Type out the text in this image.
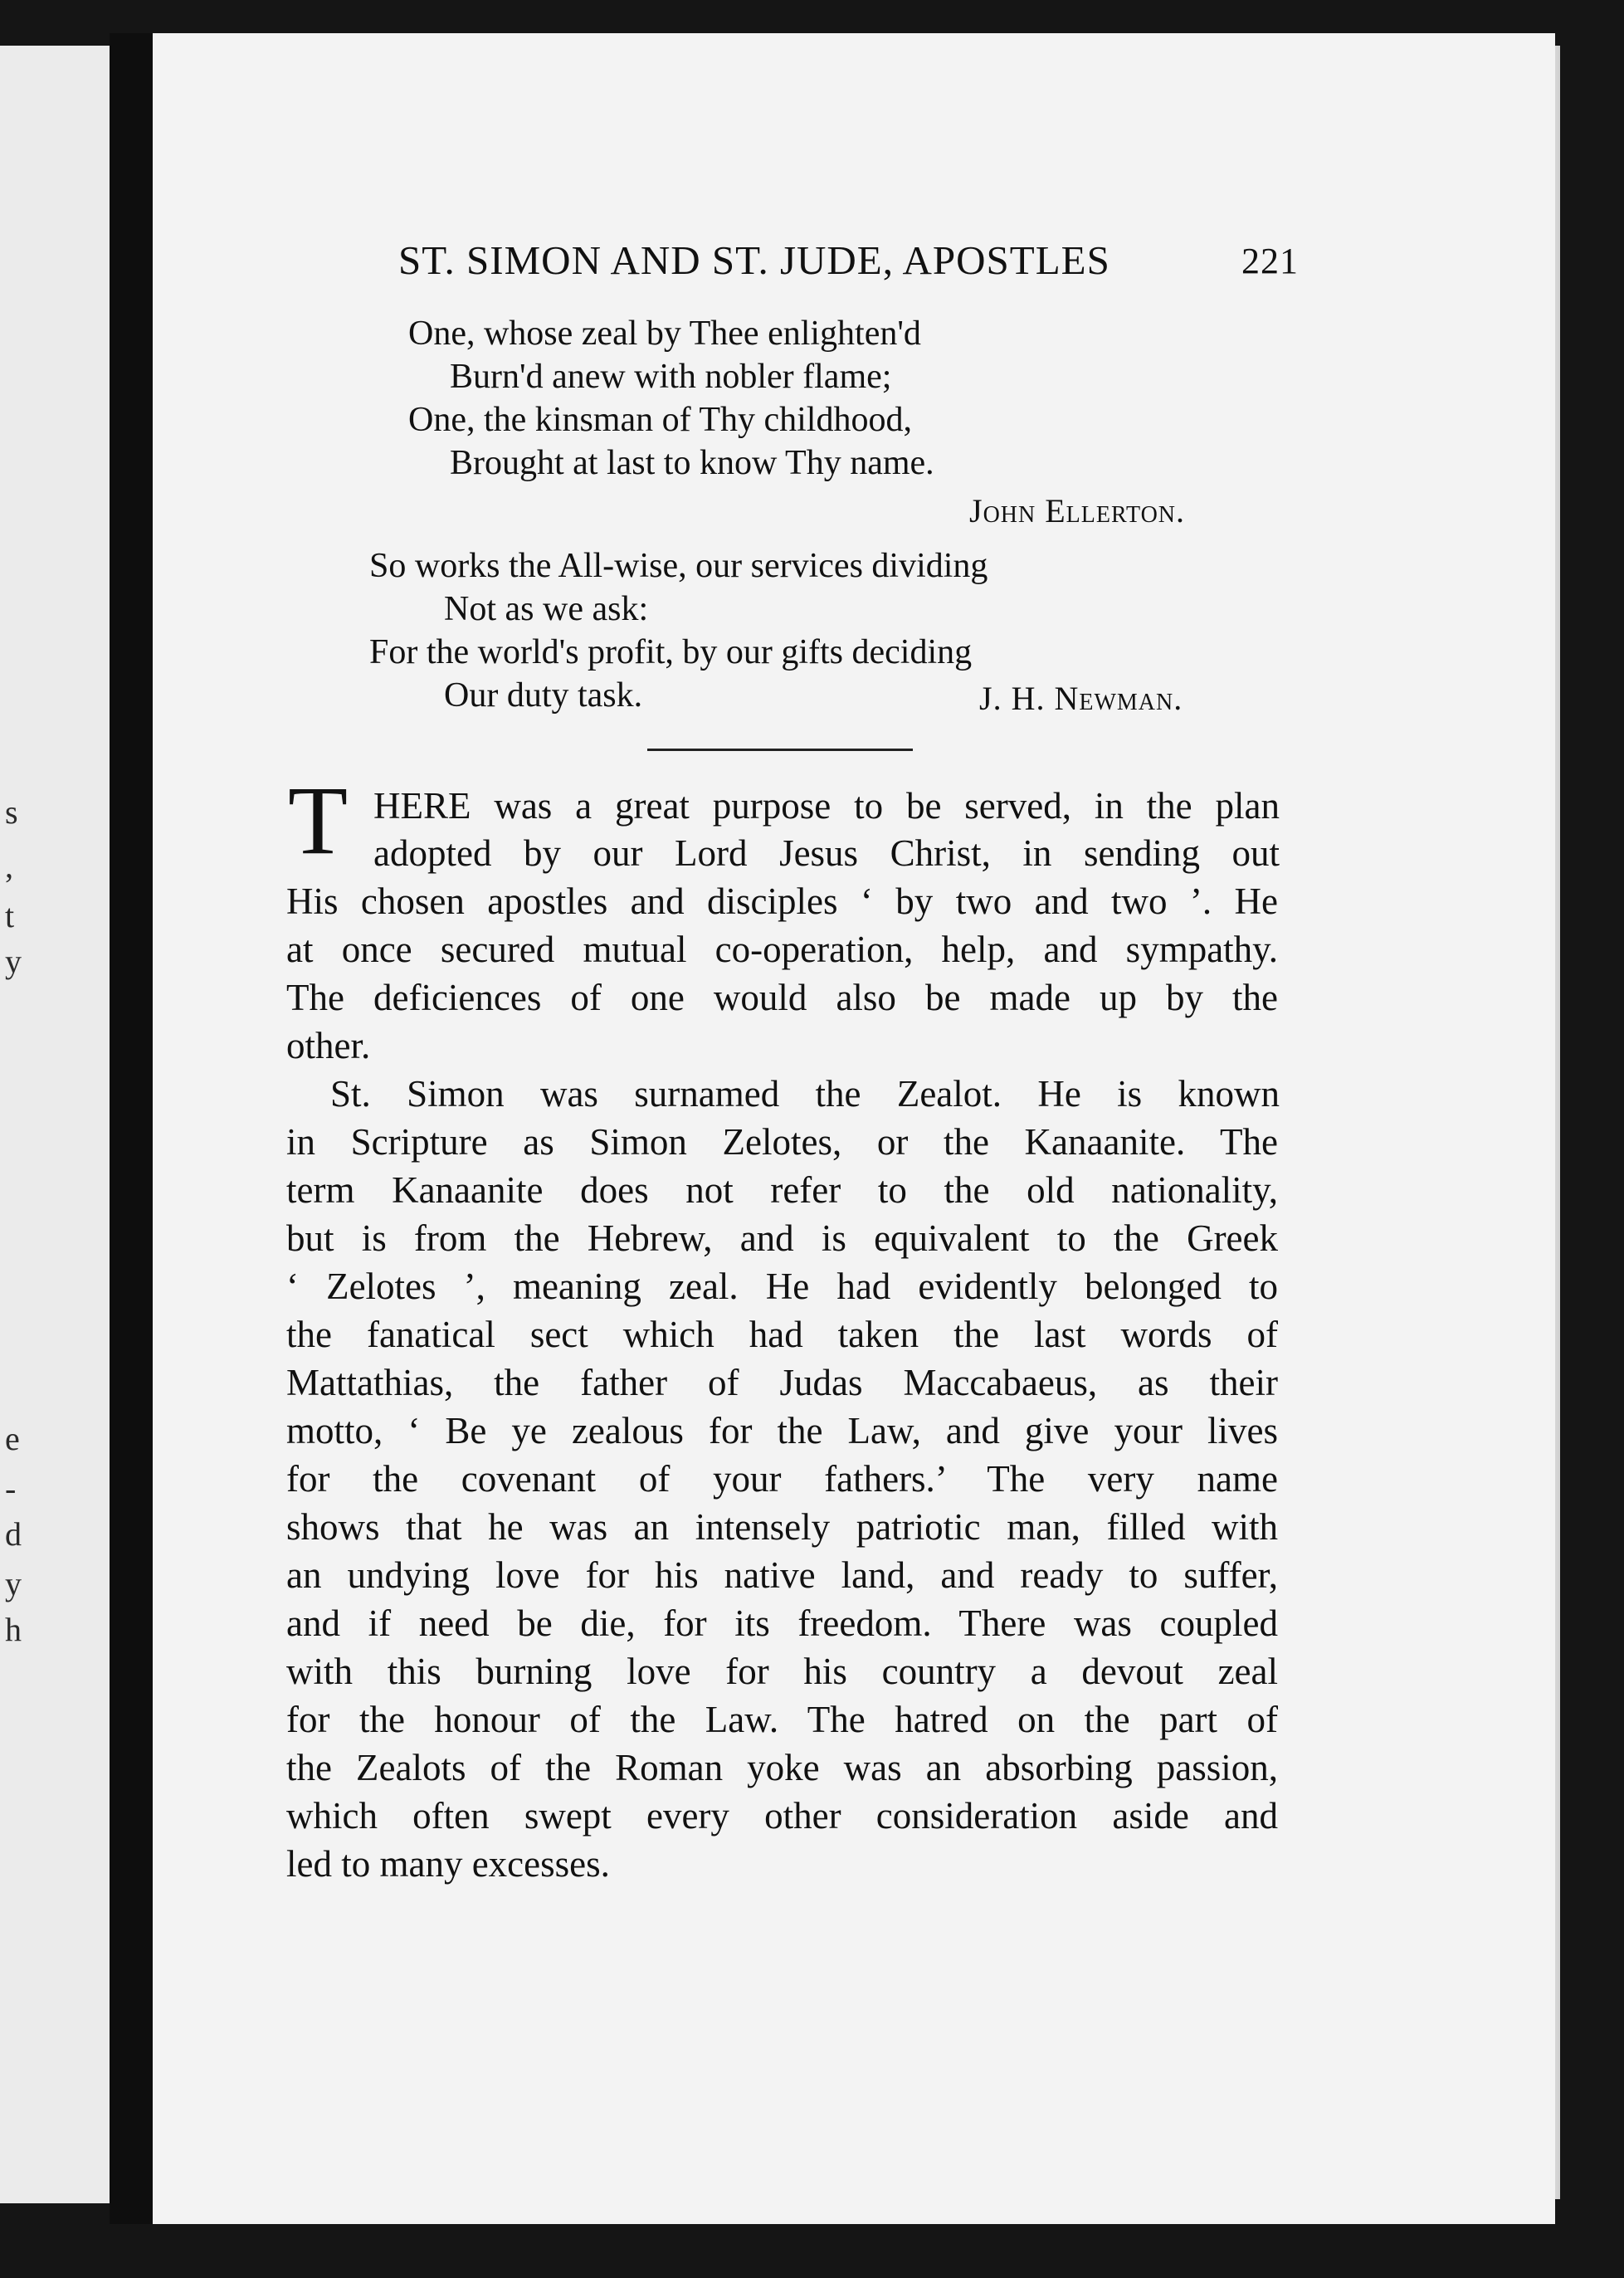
s
,
t
y
e
-
d
y
h
ST. SIMON AND ST. JUDE, APOSTLES	221
One, whose zeal by Thee enlighten'd
Burn'd anew with nobler flame;
One, the kinsman of Thy childhood,
Brought at last to know Thy name.
John Ellerton.
So works the All-wise, our services dividing
Not as we ask:
For the world's profit, by our gifts deciding
Our duty task.	J. H. Newman.
T HERE was a great purpose to be served, in the plan
adopted by our Lord Jesus Christ, in sending out
His chosen apostles and disciples ‘ by two and two ’. He
at once secured mutual co-operation, help, and sympathy.
The deficiences of one would also be made up by the
other.
St. Simon was surnamed the Zealot. He is known
in Scripture as Simon Zelotes, or the Kanaanite. The
term Kanaanite does not refer to the old nationality,
but is from the Hebrew, and is equivalent to the Greek
‘ Zelotes ’, meaning zeal. He had evidently belonged to
the fanatical sect which had taken the last words of
Mattathias, the father of Judas Maccabaeus, as their
motto, ‘ Be ye zealous for the Law, and give your lives
for the covenant of your fathers.’ The very name
shows that he was an intensely patriotic man, filled with
an undying love for his native land, and ready to suffer,
and if need be die, for its freedom. There was coupled
with this burning love for his country a devout zeal
for the honour of the Law. The hatred on the part of
the Zealots of the Roman yoke was an absorbing passion,
which often swept every other consideration aside and
led to many excesses.
